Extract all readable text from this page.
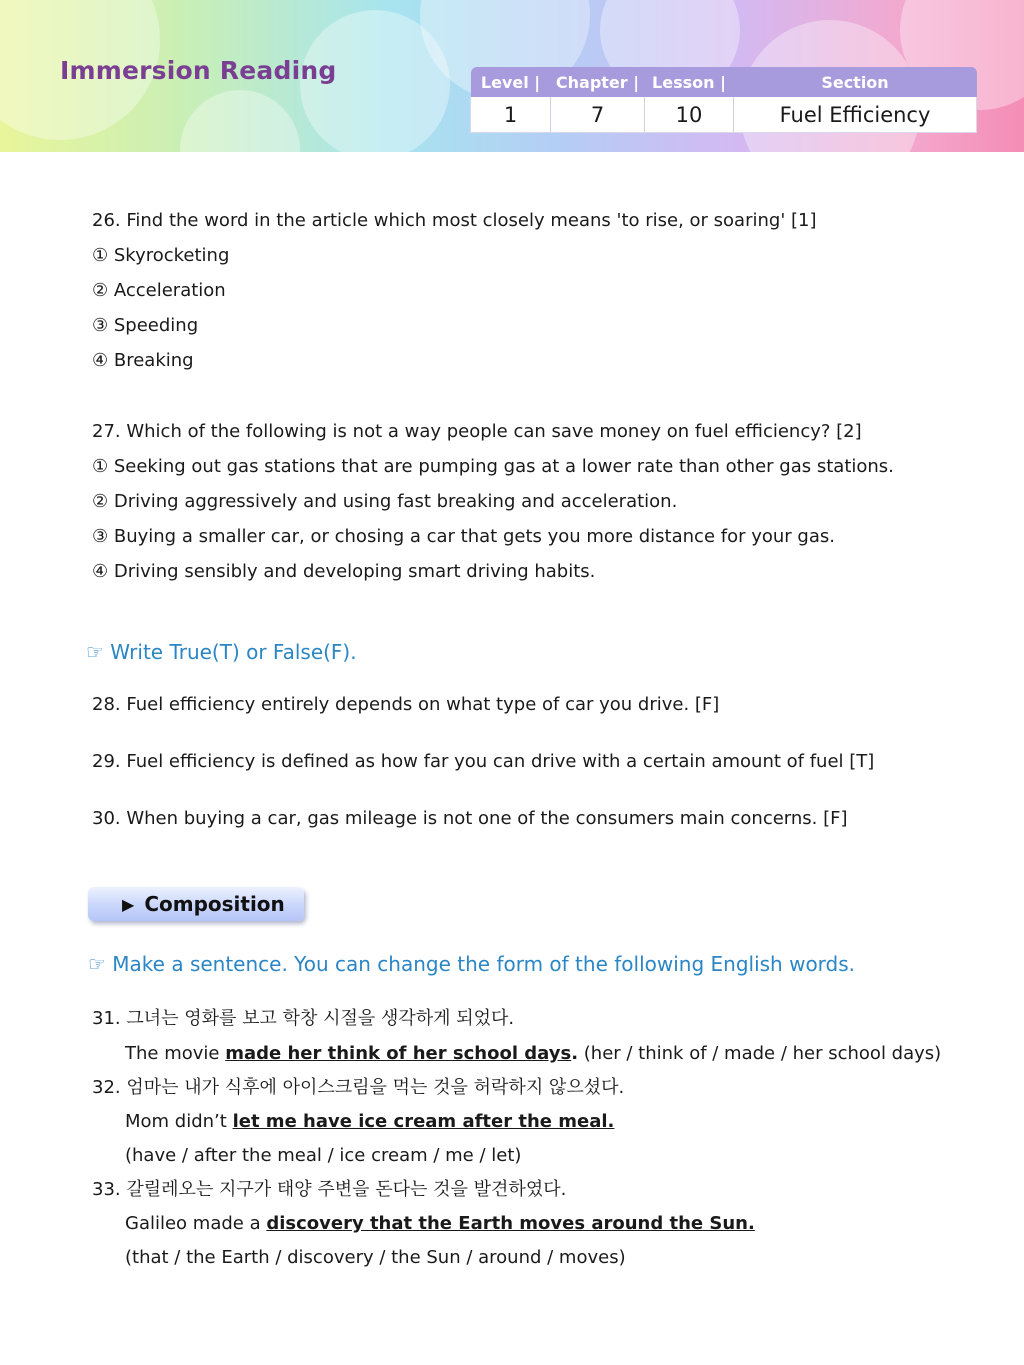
Immersion Reading	Level |	Chapter |	Lesson |	Section
1	7	10	Fuel Efficiency
26. Find the word in the article which most closely means 'to rise, or soaring' [1]
① Skyrocketing
② Acceleration
③ Speeding
④ Breaking
27. Which of the following is not a way people can save money on fuel efficiency? [2]
① Seeking out gas stations that are pumping gas at a lower rate than other gas stations.
② Driving aggressively and using fast breaking and acceleration.
③ Buying a smaller car, or chosing a car that gets you more distance for your gas.
④ Driving sensibly and developing smart driving habits.
☞ Write True(T) or False(F).
28. Fuel efficiency entirely depends on what type of car you drive. [F]
29. Fuel efficiency is defined as how far you can drive with a certain amount of fuel [T]
30. When buying a car, gas mileage is not one of the consumers main concerns. [F]
▶ Composition
☞ Make a sentence. You can change the form of the following English words.
31. 그녀는 영화를 보고 학창 시절을 생각하게 되었다.
The movie made her think of her school days. (her / think of / made / her school days)
32. 엄마는 내가 식후에 아이스크림을 먹는 것을 허락하지 않으셨다.
Mom didn’t let me have ice cream after the meal.
(have / after the meal / ice cream / me / let)
33. 갈릴레오는 지구가 태양 주변을 돈다는 것을 발견하였다.
Galileo made a discovery that the Earth moves around the Sun.
(that / the Earth / discovery / the Sun / around / moves)
